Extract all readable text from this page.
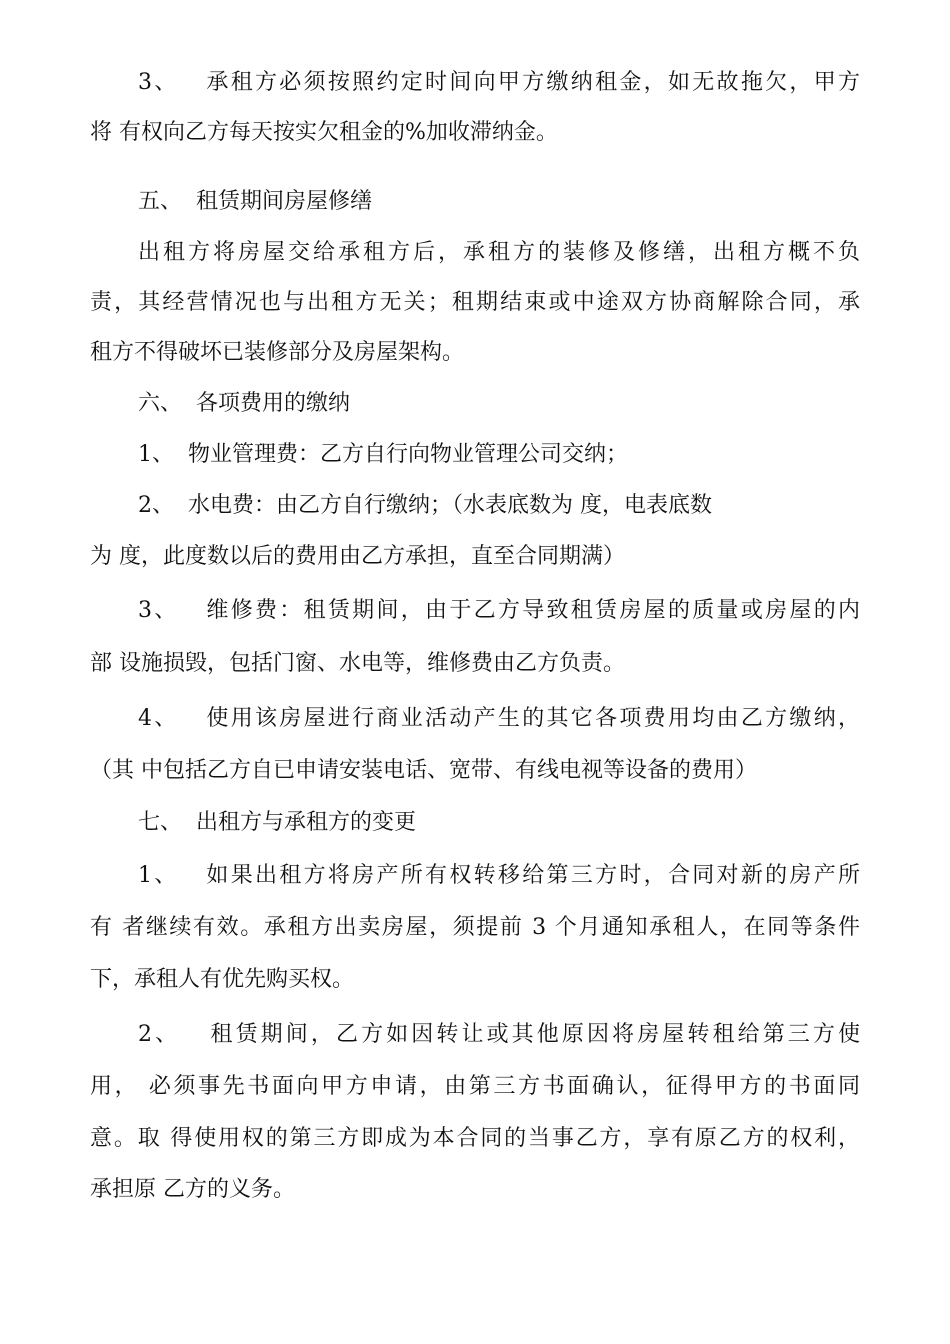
3、   承租方必须按照约定时间向甲方缴纳租金，如无故拖欠，甲方
将 有权向乙方每天按实欠租金的%加收滞纳金。
五、  租赁期间房屋修缮
出租方将房屋交给承租方后，承租方的装修及修缮，出租方概不负
责，其经营情况也与出租方无关；租期结束或中途双方协商解除合同，承
租方不得破坏已装修部分及房屋架构。
六、  各项费用的缴纳
1、  物业管理费：乙方自行向物业管理公司交纳；
2、  水电费：由乙方自行缴纳；（水表底数为 度，电表底数
为 度，此度数以后的费用由乙方承担，直至合同期满）
3、   维修费：租赁期间，由于乙方导致租赁房屋的质量或房屋的内
部 设施损毁，包括门窗、水电等，维修费由乙方负责。
4、   使用该房屋进行商业活动产生的其它各项费用均由乙方缴纳，
（其 中包括乙方自已申请安装电话、宽带、有线电视等设备的费用）
七、  出租方与承租方的变更
1、   如果出租方将房产所有权转移给第三方时，合同对新的房产所
有 者继续有效。承租方出卖房屋，须提前 3 个月通知承租人，在同等条件
下，承租人有优先购买权。
2、   租赁期间，乙方如因转让或其他原因将房屋转租给第三方使
用， 必须事先书面向甲方申请，由第三方书面确认，征得甲方的书面同
意。取 得使用权的第三方即成为本合同的当事乙方，享有原乙方的权利，
承担原 乙方的义务。
